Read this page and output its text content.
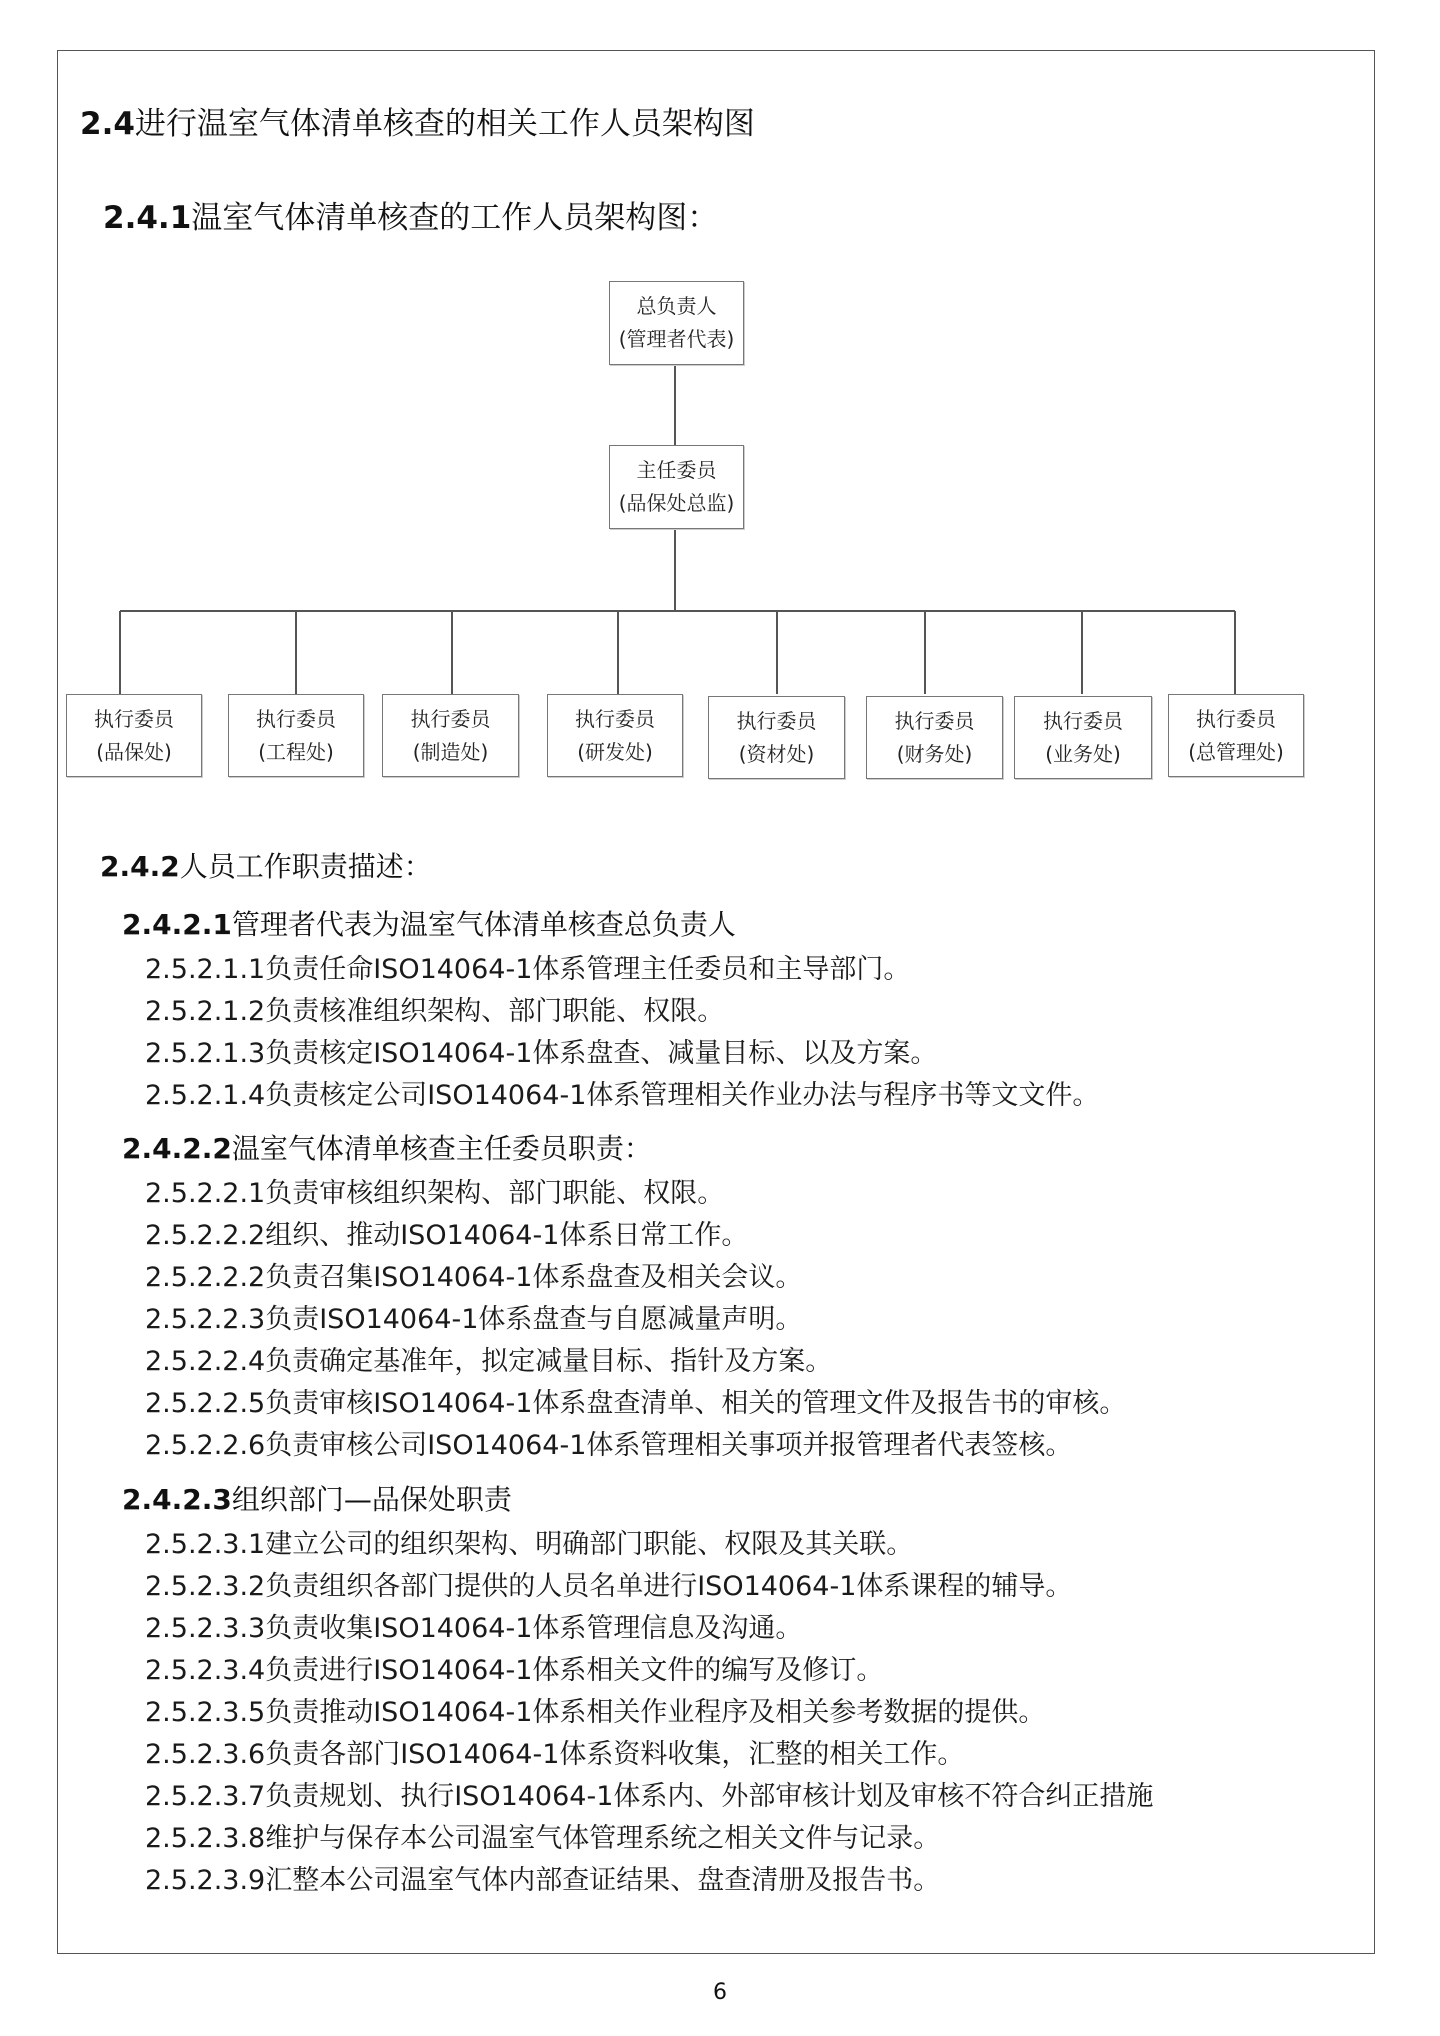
2.4进行温室气体清单核查的相关工作人员架构图
2.4.1温室气体清单核查的工作人员架构图：
总负责人
(管理者代表)
主任委员
(品保处总监)
执行委员
(品保处)
执行委员
(工程处)
执行委员
(制造处)
执行委员
(研发处)
执行委员
(资材处)
执行委员
(财务处)
执行委员
(业务处)
执行委员
(总管理处)
2.4.2人员工作职责描述：
2.4.2.1管理者代表为温室气体清单核查总负责人
2.5.2.1.1负责任命ISO14064-1体系管理主任委员和主导部门。
2.5.2.1.2负责核准组织架构、部门职能、权限。
2.5.2.1.3负责核定ISO14064-1体系盘查、减量目标、以及方案。
2.5.2.1.4负责核定公司ISO14064-1体系管理相关作业办法与程序书等文文件。
2.4.2.2温室气体清单核查主任委员职责：
2.5.2.2.1负责审核组织架构、部门职能、权限。
2.5.2.2.2组织、推动ISO14064-1体系日常工作。
2.5.2.2.2负责召集ISO14064-1体系盘查及相关会议。
2.5.2.2.3负责ISO14064-1体系盘查与自愿减量声明。
2.5.2.2.4负责确定基准年，拟定减量目标、指针及方案。
2.5.2.2.5负责审核ISO14064-1体系盘查清单、相关的管理文件及报告书的审核。
2.5.2.2.6负责审核公司ISO14064-1体系管理相关事项并报管理者代表签核。
2.4.2.3组织部门—品保处职责
2.5.2.3.1建立公司的组织架构、明确部门职能、权限及其关联。
2.5.2.3.2负责组织各部门提供的人员名单进行ISO14064-1体系课程的辅导。
2.5.2.3.3负责收集ISO14064-1体系管理信息及沟通。
2.5.2.3.4负责进行ISO14064-1体系相关文件的编写及修订。
2.5.2.3.5负责推动ISO14064-1体系相关作业程序及相关参考数据的提供。
2.5.2.3.6负责各部门ISO14064-1体系资料收集，汇整的相关工作。
2.5.2.3.7负责规划、执行ISO14064-1体系内、外部审核计划及审核不符合纠正措施
2.5.2.3.8维护与保存本公司温室气体管理系统之相关文件与记录。
2.5.2.3.9汇整本公司温室气体内部查证结果、盘查清册及报告书。
6
